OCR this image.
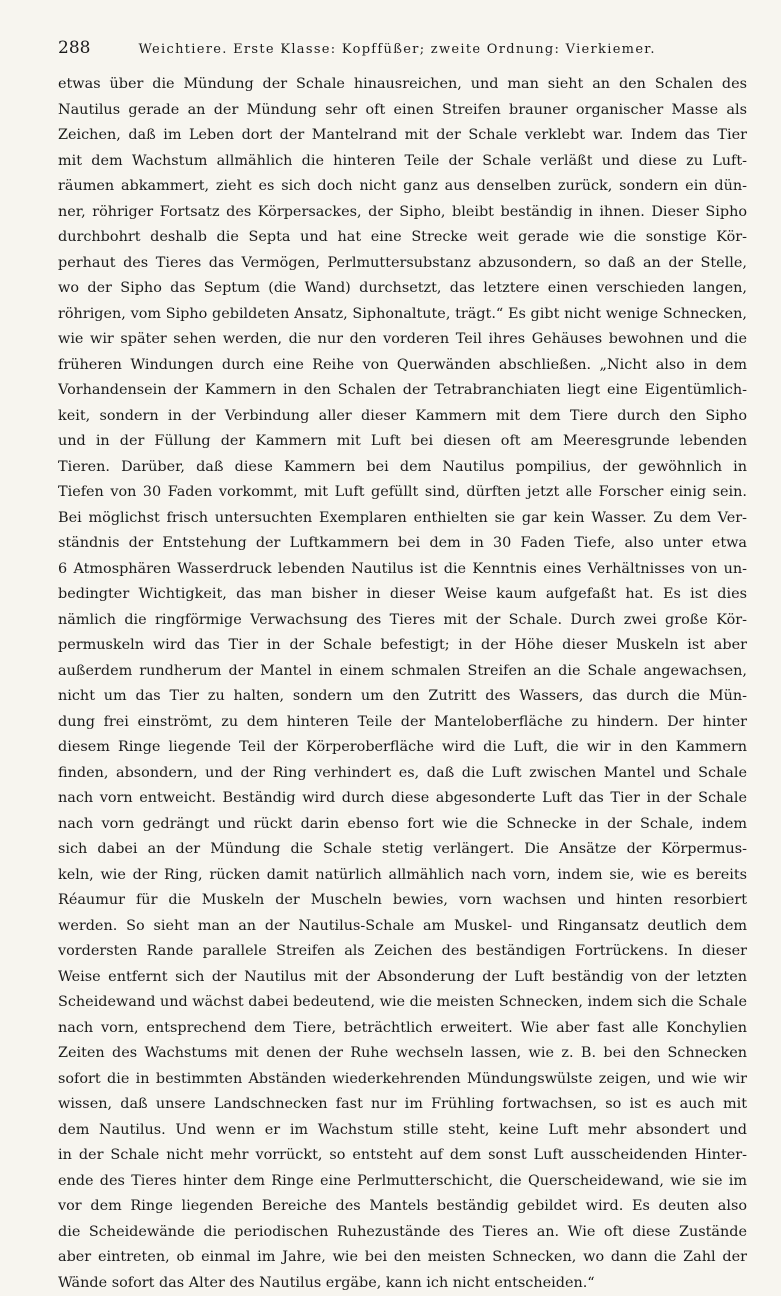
288	Weichtiere. Erste Klasse: Kopffüßer; zweite Ordnung: Vierkiemer.
etwas über die Mündung der Schale hinausreichen, und man sieht an den Schalen des
Nautilus gerade an der Mündung sehr oft einen Streifen brauner organischer Masse als
Zeichen, daß im Leben dort der Mantelrand mit der Schale verklebt war. Indem das Tier
mit dem Wachstum allmählich die hinteren Teile der Schale verläßt und diese zu Luft-
räumen abkammert, zieht es sich doch nicht ganz aus denselben zurück, sondern ein dün-
ner, röhriger Fortsatz des Körpersackes, der Sipho, bleibt beständig in ihnen. Dieser Sipho
durchbohrt deshalb die Septa und hat eine Strecke weit gerade wie die sonstige Kör-
perhaut des Tieres das Vermögen, Perlmuttersubstanz abzusondern, so daß an der Stelle,
wo der Sipho das Septum (die Wand) durchsetzt, das letztere einen verschieden langen,
röhrigen, vom Sipho gebildeten Ansatz, Siphonaltute, trägt.“ Es gibt nicht wenige Schnecken,
wie wir später sehen werden, die nur den vorderen Teil ihres Gehäuses bewohnen und die
früheren Windungen durch eine Reihe von Querwänden abschließen. „Nicht also in dem
Vorhandensein der Kammern in den Schalen der Tetrabranchiaten liegt eine Eigentümlich-
keit, sondern in der Verbindung aller dieser Kammern mit dem Tiere durch den Sipho
und in der Füllung der Kammern mit Luft bei diesen oft am Meeresgrunde lebenden
Tieren. Darüber, daß diese Kammern bei dem Nautilus pompilius, der gewöhnlich in
Tiefen von 30 Faden vorkommt, mit Luft gefüllt sind, dürften jetzt alle Forscher einig sein.
Bei möglichst frisch untersuchten Exemplaren enthielten sie gar kein Wasser. Zu dem Ver-
ständnis der Entstehung der Luftkammern bei dem in 30 Faden Tiefe, also unter etwa
6 Atmosphären Wasserdruck lebenden Nautilus ist die Kenntnis eines Verhältnisses von un-
bedingter Wichtigkeit, das man bisher in dieser Weise kaum aufgefaßt hat. Es ist dies
nämlich die ringförmige Verwachsung des Tieres mit der Schale. Durch zwei große Kör-
permuskeln wird das Tier in der Schale befestigt; in der Höhe dieser Muskeln ist aber
außerdem rundherum der Mantel in einem schmalen Streifen an die Schale angewachsen,
nicht um das Tier zu halten, sondern um den Zutritt des Wassers, das durch die Mün-
dung frei einströmt, zu dem hinteren Teile der Manteloberfläche zu hindern. Der hinter
diesem Ringe liegende Teil der Körperoberfläche wird die Luft, die wir in den Kammern
finden, absondern, und der Ring verhindert es, daß die Luft zwischen Mantel und Schale
nach vorn entweicht. Beständig wird durch diese abgesonderte Luft das Tier in der Schale
nach vorn gedrängt und rückt darin ebenso fort wie die Schnecke in der Schale, indem
sich dabei an der Mündung die Schale stetig verlängert. Die Ansätze der Körpermus-
keln, wie der Ring, rücken damit natürlich allmählich nach vorn, indem sie, wie es bereits
Réaumur für die Muskeln der Muscheln bewies, vorn wachsen und hinten resorbiert
werden. So sieht man an der Nautilus-Schale am Muskel- und Ringansatz deutlich dem
vordersten Rande parallele Streifen als Zeichen des beständigen Fortrückens. In dieser
Weise entfernt sich der Nautilus mit der Absonderung der Luft beständig von der letzten
Scheidewand und wächst dabei bedeutend, wie die meisten Schnecken, indem sich die Schale
nach vorn, entsprechend dem Tiere, beträchtlich erweitert. Wie aber fast alle Konchylien
Zeiten des Wachstums mit denen der Ruhe wechseln lassen, wie z. B. bei den Schnecken
sofort die in bestimmten Abständen wiederkehrenden Mündungswülste zeigen, und wie wir
wissen, daß unsere Landschnecken fast nur im Frühling fortwachsen, so ist es auch mit
dem Nautilus. Und wenn er im Wachstum stille steht, keine Luft mehr absondert und
in der Schale nicht mehr vorrückt, so entsteht auf dem sonst Luft ausscheidenden Hinter-
ende des Tieres hinter dem Ringe eine Perlmutterschicht, die Querscheidewand, wie sie im
vor dem Ringe liegenden Bereiche des Mantels beständig gebildet wird. Es deuten also
die Scheidewände die periodischen Ruhezustände des Tieres an. Wie oft diese Zustände
aber eintreten, ob einmal im Jahre, wie bei den meisten Schnecken, wo dann die Zahl der
Wände sofort das Alter des Nautilus ergäbe, kann ich nicht entscheiden.“
